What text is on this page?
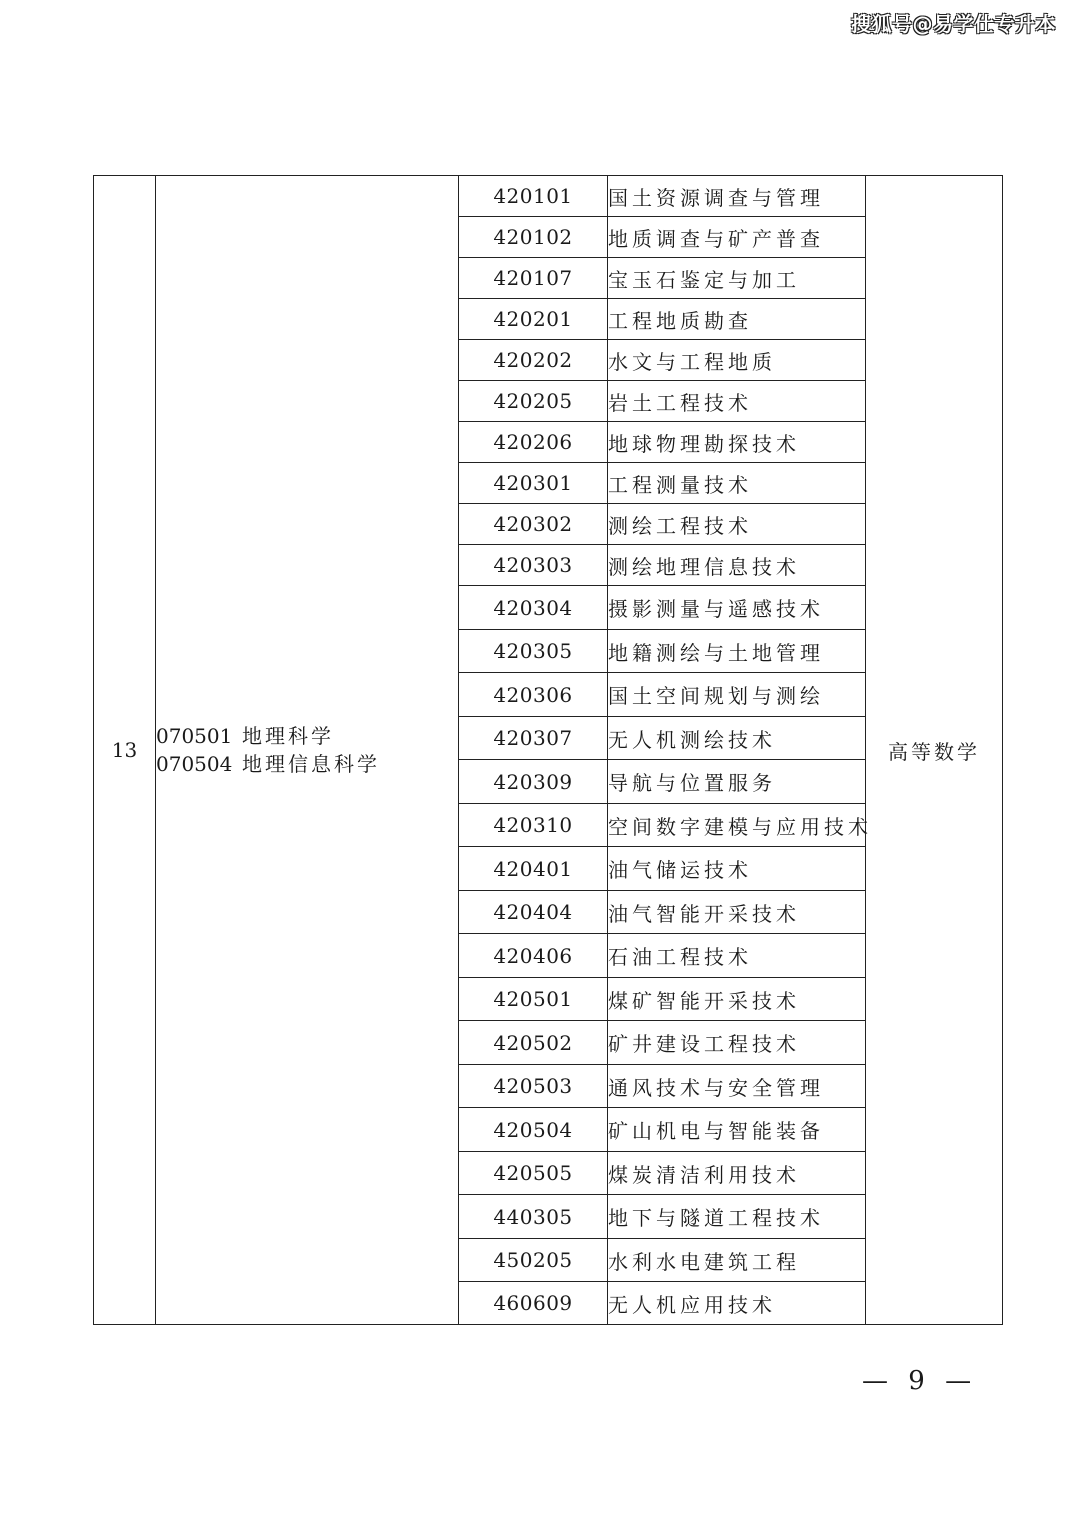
搜狐号@易学仕专升本
13	070501 地理科学
070504 地理信息科学	420101	国土资源调查与管理	高等数学
		420102	地质调查与矿产普查	
		420107	宝玉石鉴定与加工	
		420201	工程地质勘查	
		420202	水文与工程地质	
		420205	岩土工程技术	
		420206	地球物理勘探技术	
		420301	工程测量技术	
		420302	测绘工程技术	
		420303	测绘地理信息技术	
		420304	摄影测量与遥感技术	
		420305	地籍测绘与土地管理	
		420306	国土空间规划与测绘	
		420307	无人机测绘技术	
		420309	导航与位置服务	
		420310	空间数字建模与应用技术	
		420401	油气储运技术	
		420404	油气智能开采技术	
		420406	石油工程技术	
		420501	煤矿智能开采技术	
		420502	矿井建设工程技术	
		420503	通风技术与安全管理	
		420504	矿山机电与智能装备	
		420505	煤炭清洁利用技术	
		440305	地下与隧道工程技术	
		450205	水利水电建筑工程	
		460609	无人机应用技术	
— 9 —
